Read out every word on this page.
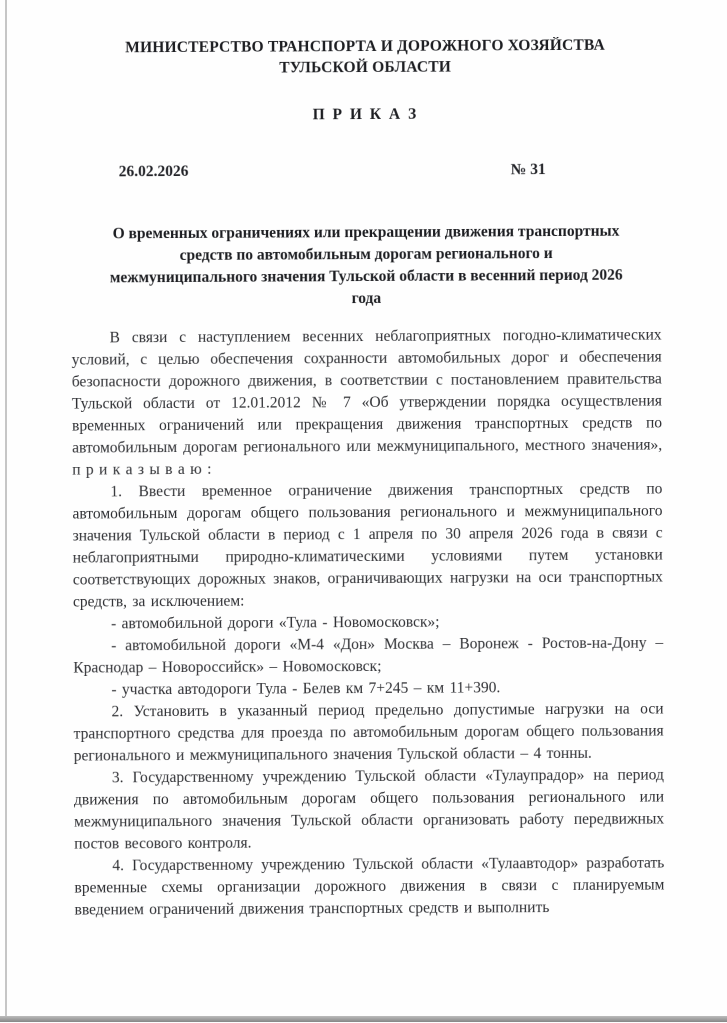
МИНИСТЕРСТВО ТРАНСПОРТА И ДОРОЖНОГО ХОЗЯЙСТВА
ТУЛЬСКОЙ ОБЛАСТИ
П Р И К А З
26.02.2026	№ 31
О временных ограничениях или прекращении движения транспортных средств по автомобильным дорогам регионального и межмуниципального значения Тульской области в весенний период 2026 года

В связи с наступлением весенних неблагоприятных погодно-климатических условий, с целью обеспечения сохранности автомобильных дорог и обеспечения безопасности дорожного движения, в соответствии с постановлением правительства Тульской области от 12.01.2012 № 7 «Об утверждении порядка осуществления временных ограничений или прекращения движения транспортных средств по автомобильным дорогам регионального или межмуниципального, местного значения», п р и к а з ы в а ю :

1. Ввести временное ограничение движения транспортных средств по автомобильным дорогам общего пользования регионального и межмуниципального значения Тульской области в период с 1 апреля по 30 апреля 2026 года в связи с неблагоприятными природно-климатическими условиями путем установки соответствующих дорожных знаков, ограничивающих нагрузки на оси транспортных средств, за исключением:

- автомобильной дороги «Тула - Новомосковск»;

- автомобильной дороги «М-4 «Дон» Москва – Воронеж - Ростов-на-Дону – Краснодар – Новороссийск» – Новомосковск;

- участка автодороги Тула - Белев км 7+245 – км 11+390.

2. Установить в указанный период предельно допустимые нагрузки на оси транспортного средства для проезда по автомобильным дорогам общего пользования регионального и межмуниципального значения Тульской области – 4 тонны.

3. Государственному учреждению Тульской области «Тулаупрадор» на период движения по автомобильным дорогам общего пользования регионального или межмуниципального значения Тульской области организовать работу передвижных постов весового контроля.

4. Государственному учреждению Тульской области «Тулаавтодор» разработать временные схемы организации дорожного движения в связи с планируемым введением ограничений движения транспортных средств и выполнить
